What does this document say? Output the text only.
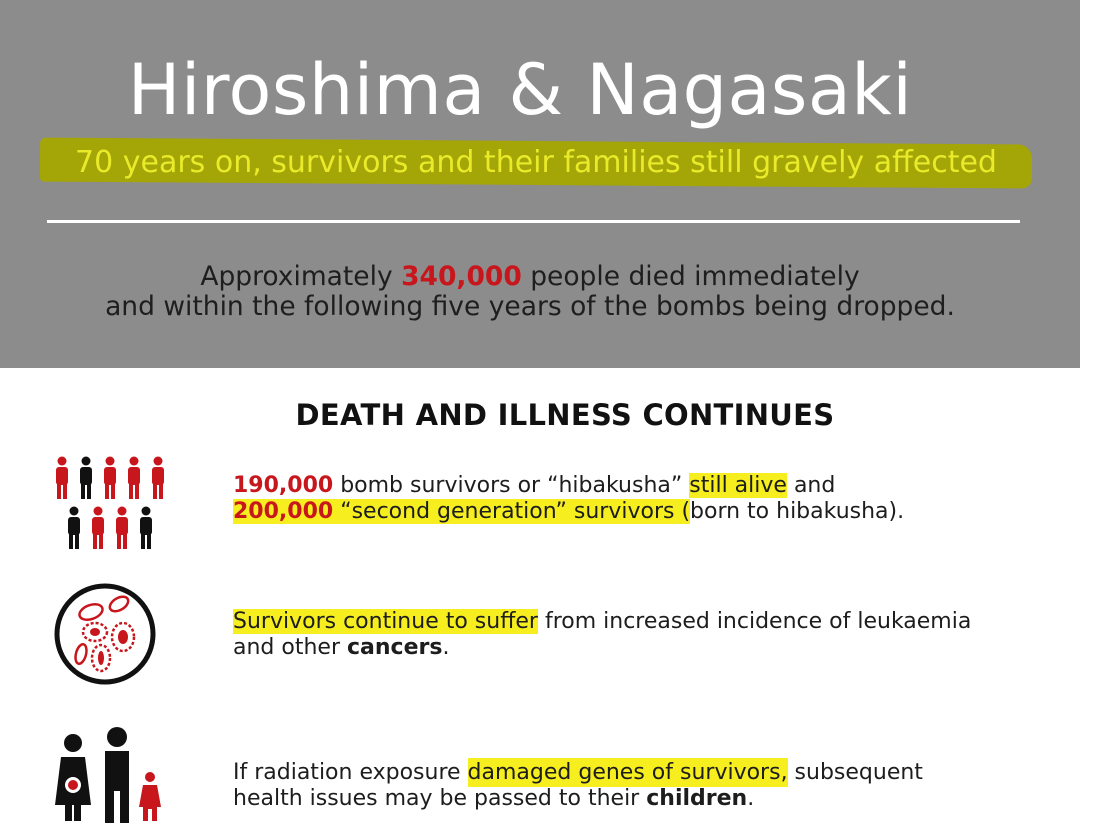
Hiroshima & Nagasaki
70 years on, survivors and their families still gravely affected
Approximately 340,000 people died immediately
and within the following five years of the bombs being dropped.
DEATH AND ILLNESS CONTINUES
190,000 bomb survivors or “hibakusha” still alive and
200,000 “second generation” survivors (born to hibakusha).
Survivors continue to suffer from increased incidence of leukaemia
and other cancers.
If radiation exposure damaged genes of survivors, subsequent
health issues may be passed to their children.
